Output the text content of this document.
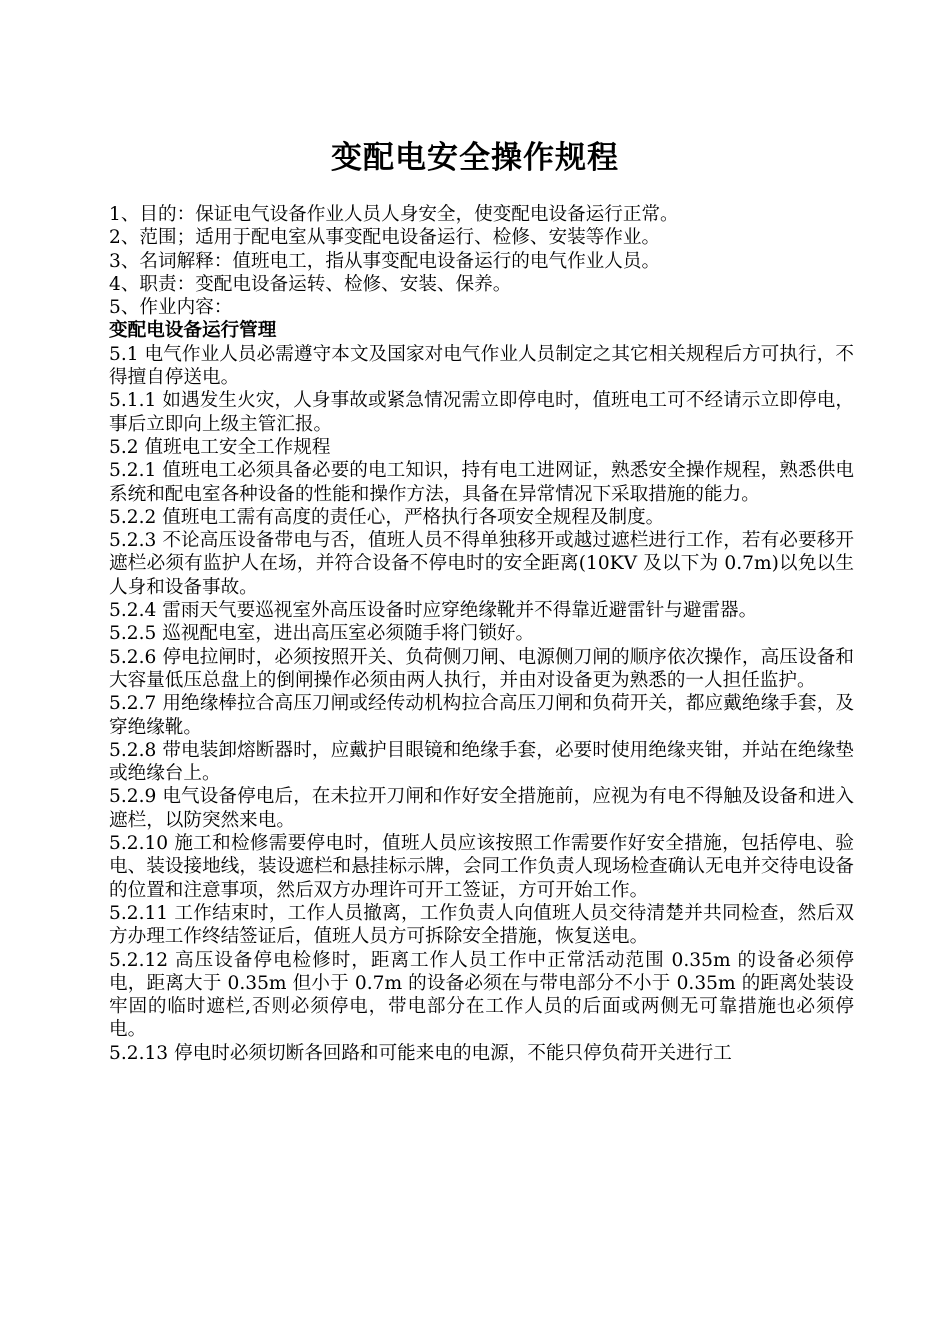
变配电安全操作规程

1、目的：保证电气设备作业人员人身安全，使变配电设备运行正常。

2、范围；适用于配电室从事变配电设备运行、检修、安装等作业。

3、名词解释：值班电工，指从事变配电设备运行的电气作业人员。

4、职责：变配电设备运转、检修、安装、保养。

5、作业内容：

变配电设备运行管理

5.1 电气作业人员必需遵守本文及国家对电气作业人员制定之其它相关规程后方可执行，不得擅自停送电。

5.1.1 如遇发生火灾，人身事故或紧急情况需立即停电时，值班电工可不经请示立即停电，事后立即向上级主管汇报。

5.2 值班电工安全工作规程

5.2.1 值班电工必须具备必要的电工知识，持有电工进网证，熟悉安全操作规程，熟悉供电系统和配电室各种设备的性能和操作方法，具备在异常情况下采取措施的能力。

5.2.2 值班电工需有高度的责任心，严格执行各项安全规程及制度。

5.2.3 不论高压设备带电与否，值班人员不得单独移开或越过遮栏进行工作，若有必要移开遮栏必须有监护人在场，并符合设备不停电时的安全距离(10KV 及以下为 0.7m)以免以生人身和设备事故。

5.2.4 雷雨天气要巡视室外高压设备时应穿绝缘靴并不得靠近避雷针与避雷器。

5.2.5 巡视配电室，进出高压室必须随手将门锁好。

5.2.6 停电拉闸时，必须按照开关、负荷侧刀闸、电源侧刀闸的顺序依次操作，高压设备和大容量低压总盘上的倒闸操作必须由两人执行，并由对设备更为熟悉的一人担任监护。

5.2.7 用绝缘棒拉合高压刀闸或经传动机构拉合高压刀闸和负荷开关，都应戴绝缘手套，及穿绝缘靴。

5.2.8 带电装卸熔断器时，应戴护目眼镜和绝缘手套，必要时使用绝缘夹钳，并站在绝缘垫或绝缘台上。

5.2.9 电气设备停电后，在未拉开刀闸和作好安全措施前，应视为有电不得触及设备和进入遮栏，以防突然来电。

5.2.10 施工和检修需要停电时，值班人员应该按照工作需要作好安全措施，包括停电、验电、装设接地线，装设遮栏和悬挂标示牌，会同工作负责人现场检查确认无电并交待电设备的位置和注意事项，然后双方办理许可开工签证，方可开始工作。

5.2.11 工作结束时，工作人员撤离，工作负责人向值班人员交待清楚并共同检查，然后双方办理工作终结签证后，值班人员方可拆除安全措施，恢复送电。

5.2.12 高压设备停电检修时，距离工作人员工作中正常活动范围 0.35m 的设备必须停电，距离大于 0.35m 但小于 0.7m 的设备必须在与带电部分不小于 0.35m 的距离处装设牢固的临时遮栏,否则必须停电，带电部分在工作人员的后面或两侧无可靠措施也必须停电。

5.2.13 停电时必须切断各回路和可能来电的电源，不能只停负荷开关进行工
